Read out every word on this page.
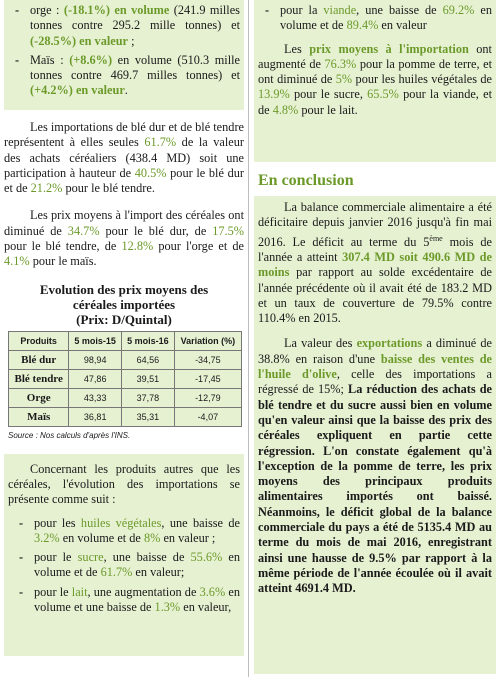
- orge : (-18.1%) en volume (241.9 milles tonnes contre 295.2 mille tonnes) et (-28.5%) en valeur ;
- Maïs : (+8.6%) en volume (510.3 mille tonnes contre 469.7 milles tonnes) et (+4.2%) en valeur.

Les importations de blé dur et de blé tendre représentent à elles seules 61.7% de la valeur des achats céréaliers (438.4 MD) soit une participation à hauteur de 40.5% pour le blé dur et de 21.2% pour le blé tendre.

Les prix moyens à l'import des céréales ont diminué de 34.7% pour le blé dur, de 17.5% pour le blé tendre, de 12.8% pour l'orge et de 4.1% pour le maïs.

Evolution des prix moyens des
céréales importées
(Prix: D/Quintal)
Produits	5 mois-15	5 mois-16	Variation (%)
Blé dur	98,94	64,56	-34,75
Blé tendre	47,86	39,51	-17,45
Orge	43,33	37,78	-12,79
Maïs	36,81	35,31	-4,07
Source : Nos calculs d'après l'INS.

Concernant les produits autres que les céréales, l'évolution des importations se présente comme suit :

- pour les huiles végétales, une baisse de 3.2% en volume et de 8% en valeur ;
- pour le sucre, une baisse de 55.6% en volume et de 61.7% en valeur;
- pour le lait, une augmentation de 3.6% en volume et une baisse de 1.3% en valeur,
- pour la viande, une baisse de 69.2% en volume et de 89.4% en valeur

Les prix moyens à l'importation ont augmenté de 76.3% pour la pomme de terre, et ont diminué de 5% pour les huiles végétales de 13.9% pour le sucre, 65.5% pour la viande, et de 4.8% pour le lait.

En conclusion

La balance commerciale alimentaire a été déficitaire depuis janvier 2016 jusqu'à fin mai 2016. Le déficit au terme du 5ème mois de l'année a atteint 307.4 MD soit 490.6 MD de moins par rapport au solde excédentaire de l'année précédente où il avait été de 183.2 MD et un taux de couverture de 79.5% contre 110.4% en 2015.

La valeur des exportations a diminué de 38.8% en raison d'une baisse des ventes de l'huile d'olive, celle des importations a régressé de 15%; La réduction des achats de blé tendre et du sucre aussi bien en volume qu'en valeur ainsi que la baisse des prix des céréales expliquent en partie cette régression. L'on constate également qu'à l'exception de la pomme de terre, les prix moyens des principaux produits alimentaires importés ont baissé. Néanmoins, le déficit global de la balance commerciale du pays a été de 5135.4 MD au terme du mois de mai 2016, enregistrant ainsi une hausse de 9.5% par rapport à la même période de l'année écoulée où il avait atteint 4691.4 MD.
